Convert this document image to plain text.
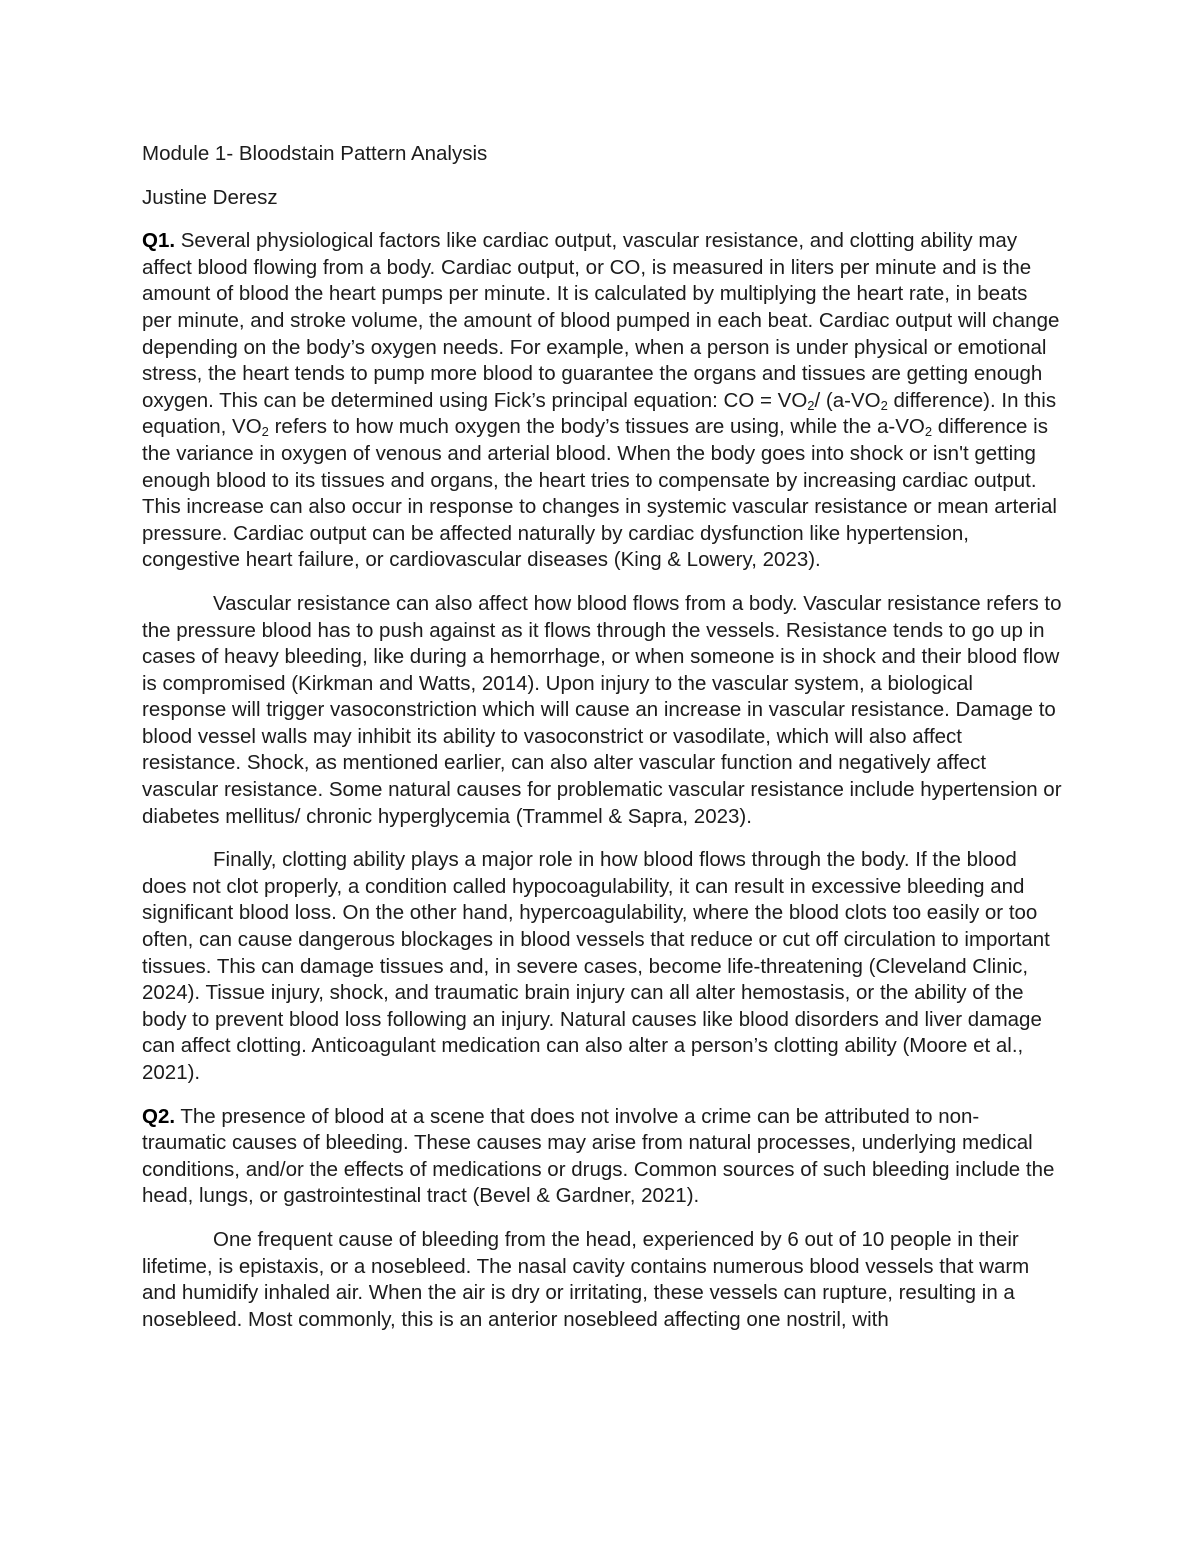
Module 1- Bloodstain Pattern Analysis
Justine Deresz

Q1. Several physiological factors like cardiac output, vascular resistance, and clotting ability may affect blood flowing from a body. Cardiac output, or CO, is measured in liters per minute and is the amount of blood the heart pumps per minute. It is calculated by multiplying the heart rate, in beats per minute, and stroke volume, the amount of blood pumped in each beat. Cardiac output will change depending on the body’s oxygen needs. For example, when a person is under physical or emotional stress, the heart tends to pump more blood to guarantee the organs and tissues are getting enough oxygen. This can be determined using Fick’s principal equation: CO = $VO_2/$ ($a-VO_2$ difference). In this equation, $VO_2$ refers to how much oxygen the body’s tissues are using, while the $a-VO_2$ difference is the variance in oxygen of venous and arterial blood. When the body goes into shock or isn't getting enough blood to its tissues and organs, the heart tries to compensate by increasing cardiac output. This increase can also occur in response to changes in systemic vascular resistance or mean arterial pressure. Cardiac output can be affected naturally by cardiac dysfunction like hypertension, congestive heart failure, or cardiovascular diseases (King & Lowery, 2023).

Vascular resistance can also affect how blood flows from a body. Vascular resistance refers to the pressure blood has to push against as it flows through the vessels. Resistance tends to go up in cases of heavy bleeding, like during a hemorrhage, or when someone is in shock and their blood flow is compromised (Kirkman and Watts, 2014). Upon injury to the vascular system, a biological response will trigger vasoconstriction which will cause an increase in vascular resistance. Damage to blood vessel walls may inhibit its ability to vasoconstrict or vasodilate, which will also affect resistance. Shock, as mentioned earlier, can also alter vascular function and negatively affect vascular resistance. Some natural causes for problematic vascular resistance include hypertension or diabetes mellitus/ chronic hyperglycemia (Trammel & Sapra, 2023).

Finally, clotting ability plays a major role in how blood flows through the body. If the blood does not clot properly, a condition called hypocoagulability, it can result in excessive bleeding and significant blood loss. On the other hand, hypercoagulability, where the blood clots too easily or too often, can cause dangerous blockages in blood vessels that reduce or cut off circulation to important tissues. This can damage tissues and, in severe cases, become life-threatening (Cleveland Clinic, 2024). Tissue injury, shock, and traumatic brain injury can all alter hemostasis, or the ability of the body to prevent blood loss following an injury. Natural causes like blood disorders and liver damage can affect clotting. Anticoagulant medication can also alter a person’s clotting ability (Moore et al., 2021).

Q2. The presence of blood at a scene that does not involve a crime can be attributed to non-traumatic causes of bleeding. These causes may arise from natural processes, underlying medical conditions, and/or the effects of medications or drugs. Common sources of such bleeding include the head, lungs, or gastrointestinal tract (Bevel & Gardner, 2021).

One frequent cause of bleeding from the head, experienced by 6 out of 10 people in their lifetime, is epistaxis, or a nosebleed. The nasal cavity contains numerous blood vessels that warm and humidify inhaled air. When the air is dry or irritating, these vessels can rupture, resulting in a nosebleed. Most commonly, this is an anterior nosebleed affecting one nostril, with
